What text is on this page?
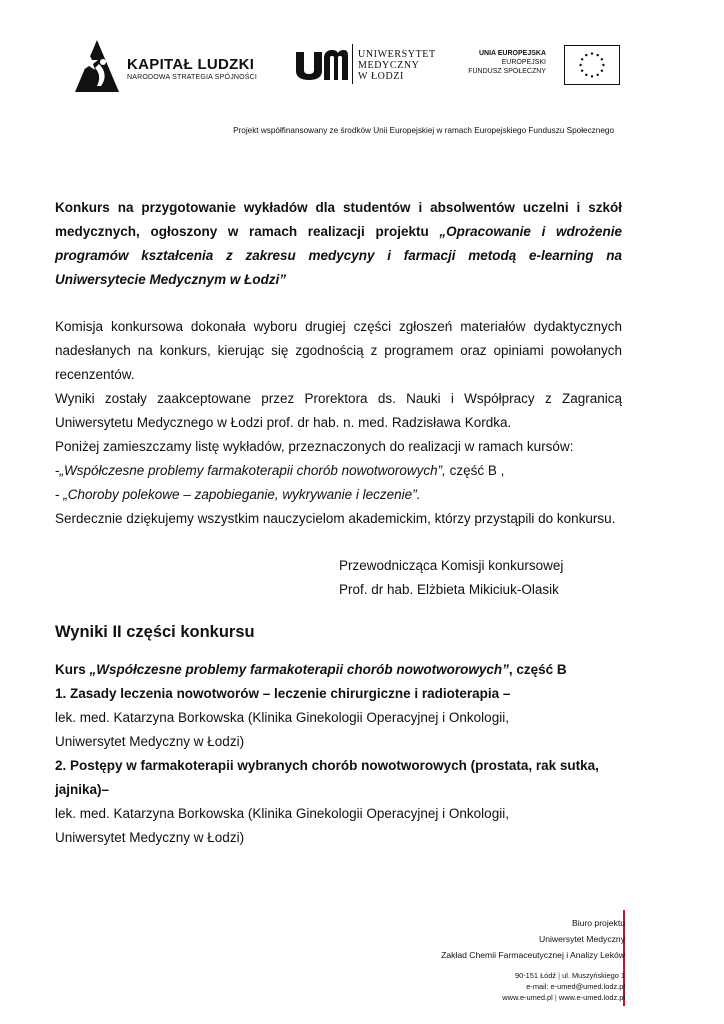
KAPITAŁ LUDZKI
NARODOWA STRATEGIA SPÓJNOŚCI
UNIWERSYTET
MEDYCZNY
W ŁODZI
UNIA EUROPEJSKA
EUROPEJSKI
FUNDUSZ SPOŁECZNY
Projekt współfinansowany ze środków Unii Europejskiej w ramach Europejskiego Funduszu Społecznego

Konkurs na przygotowanie wykładów dla studentów i absolwentów uczelni i szkół medycznych, ogłoszony w ramach realizacji projektu „Opracowanie i wdrożenie programów kształcenia z zakresu medycyny i farmacji metodą e-learning na Uniwersytecie Medycznym w Łodzi”

Komisja konkursowa dokonała wyboru drugiej części zgłoszeń materiałów dydaktycznych nadesłanych na konkurs, kierując się zgodnością z programem oraz opiniami powołanych recenzentów.

Wyniki zostały zaakceptowane przez Prorektora ds. Nauki i Współpracy z Zagranicą Uniwersytetu Medycznego w Łodzi prof. dr hab. n. med. Radzisława Kordka.

Poniżej zamieszczamy listę wykładów, przeznaczonych do realizacji w ramach kursów:

-„Współczesne problemy farmakoterapii chorób nowotworowych”, część B ,

- „Choroby polekowe – zapobieganie, wykrywanie i leczenie”.

Serdecznie dziękujemy wszystkim nauczycielom akademickim, którzy przystąpili do konkursu.

Przewodnicząca Komisji konkursowej

Prof. dr hab. Elżbieta Mikiciuk-Olasik

Wyniki II części konkursu

Kurs „Współczesne problemy farmakoterapii chorób nowotworowych”, część B

1. Zasady leczenia nowotworów – leczenie chirurgiczne i radioterapia –

lek. med. Katarzyna Borkowska (Klinika Ginekologii Operacyjnej i Onkologii,

Uniwersytet Medyczny w Łodzi)

2. Postępy w farmakoterapii wybranych chorób nowotworowych (prostata, rak sutka, jajnika)–

lek. med. Katarzyna Borkowska (Klinika Ginekologii Operacyjnej i Onkologii,

Uniwersytet Medyczny w Łodzi)

Biuro projektu
Uniwersytet Medyczny
Zakład Chemii Farmaceutycznej i Analizy Leków
90-151 Łódź | ul. Muszyńskiego 1
e-mail: e-umed@umed.lodz.pl
www.e-umed.pl | www.e-umed.lodz.pl
